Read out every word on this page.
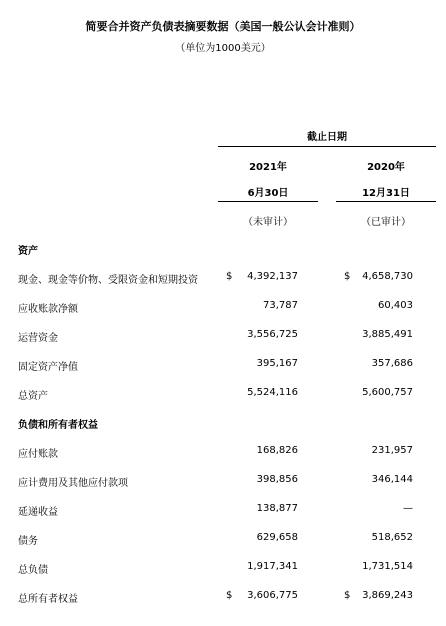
简要合并资产负债表摘要数据（美国一般公认会计准则）
（单位为1000美元）
截止日期
2021年	2020年
6月30日	12月31日
（未审计）	（已审计）
资产
负债和所有者权益
现金、现金等价物、受限资金和短期投资	$	4,392,137	$	4,658,730
应收账款净额	73,787	60,403
运营资金	3,556,725	3,885,491
固定资产净值	395,167	357,686
总资产	5,524,116	5,600,757
应付账款	168,826	231,957
应计费用及其他应付款项	398,856	346,144
延递收益	138,877	—
债务	629,658	518,652
总负债	1,917,341	1,731,514
总所有者权益	$	3,606,775	$	3,869,243
